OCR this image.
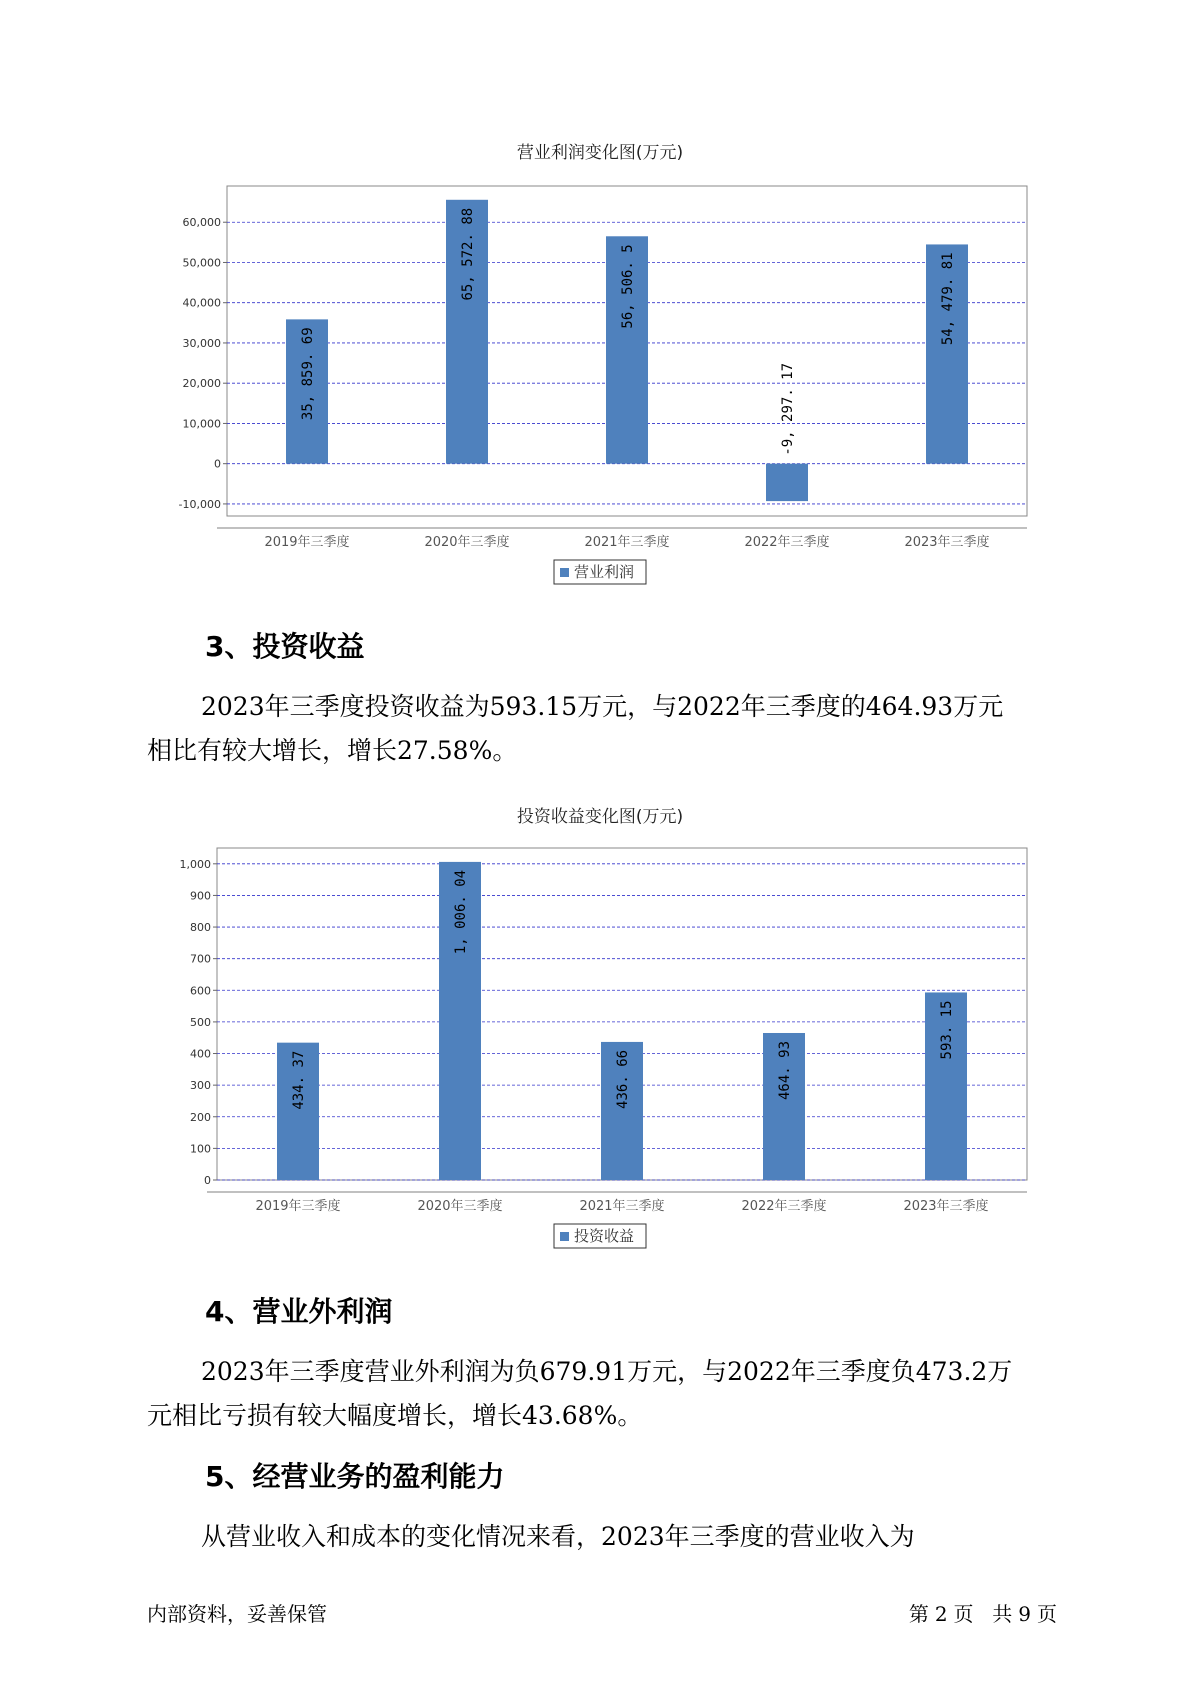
营业利润变化图(万元)
-10,000
0
10,000
20,000
30,000
40,000
50,000
60,000
35, 859. 69
2019年三季度
65, 572. 88
2020年三季度
56, 506. 5
2021年三季度
-9, 297. 17
2022年三季度
54, 479. 81
2023年三季度
营业利润
3、投资收益

2023年三季度投资收益为593.15万元，与2022年三季度的464.93万元
相比有较大增长，增长27.58%。

投资收益变化图(万元)
0
100
200
300
400
500
600
700
800
900
1,000
434. 37
2019年三季度
1, 006. 04
2020年三季度
436. 66
2021年三季度
464. 93
2022年三季度
593. 15
2023年三季度
投资收益
4、营业外利润

2023年三季度营业外利润为负679.91万元，与2022年三季度负473.2万
元相比亏损有较大幅度增长，增长43.68%。

5、经营业务的盈利能力

从营业收入和成本的变化情况来看，2023年三季度的营业收入为

内部资料，妥善保管	第 2 页 共 9 页
